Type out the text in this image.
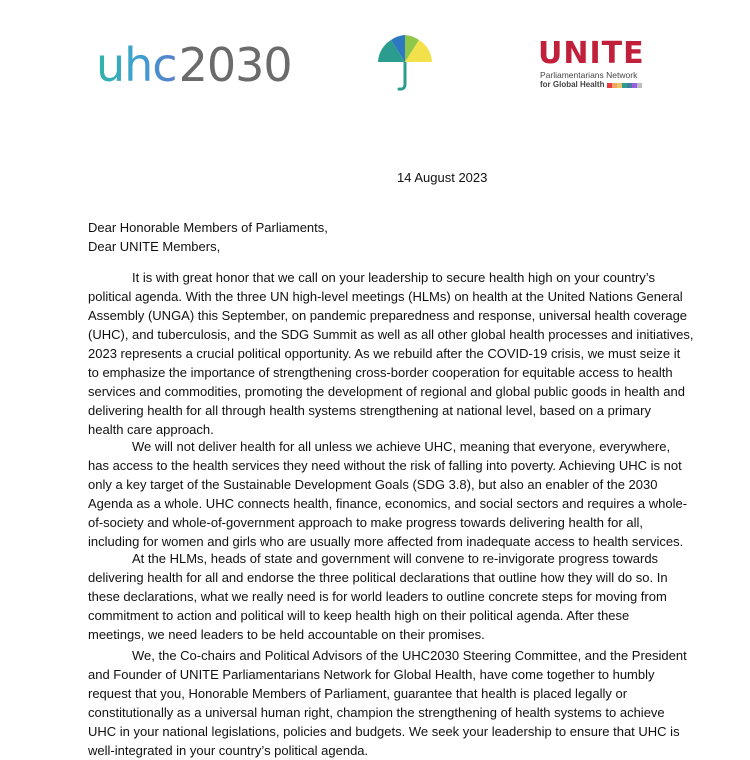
uhc 2030	UNITE
Parliamentarians Network
for Global Health
14 August 2023
Dear Honorable Members of Parliaments,
Dear UNITE Members,

It is with great honor that we call on your leadership to secure health high on your country’s
political agenda. With the three UN high-level meetings (HLMs) on health at the United Nations General
Assembly (UNGA) this September, on pandemic preparedness and response, universal health coverage
(UHC), and tuberculosis, and the SDG Summit as well as all other global health processes and initiatives,
2023 represents a crucial political opportunity. As we rebuild after the COVID-19 crisis, we must seize it
to emphasize the importance of strengthening cross-border cooperation for equitable access to health
services and commodities, promoting the development of regional and global public goods in health and
delivering health for all through health systems strengthening at national level, based on a primary
health care approach.

We will not deliver health for all unless we achieve UHC, meaning that everyone, everywhere,
has access to the health services they need without the risk of falling into poverty. Achieving UHC is not
only a key target of the Sustainable Development Goals (SDG 3.8), but also an enabler of the 2030
Agenda as a whole. UHC connects health, finance, economics, and social sectors and requires a whole-
of-society and whole-of-government approach to make progress towards delivering health for all,
including for women and girls who are usually more affected from inadequate access to health services.

At the HLMs, heads of state and government will convene to re-invigorate progress towards
delivering health for all and endorse the three political declarations that outline how they will do so. In
these declarations, what we really need is for world leaders to outline concrete steps for moving from
commitment to action and political will to keep health high on their political agenda. After these
meetings, we need leaders to be held accountable on their promises.

We, the Co-chairs and Political Advisors of the UHC2030 Steering Committee, and the President
and Founder of UNITE Parliamentarians Network for Global Health, have come together to humbly
request that you, Honorable Members of Parliament, guarantee that health is placed legally or
constitutionally as a universal human right, champion the strengthening of health systems to achieve
UHC in your national legislations, policies and budgets. We seek your leadership to ensure that UHC is
well-integrated in your country’s political agenda.
